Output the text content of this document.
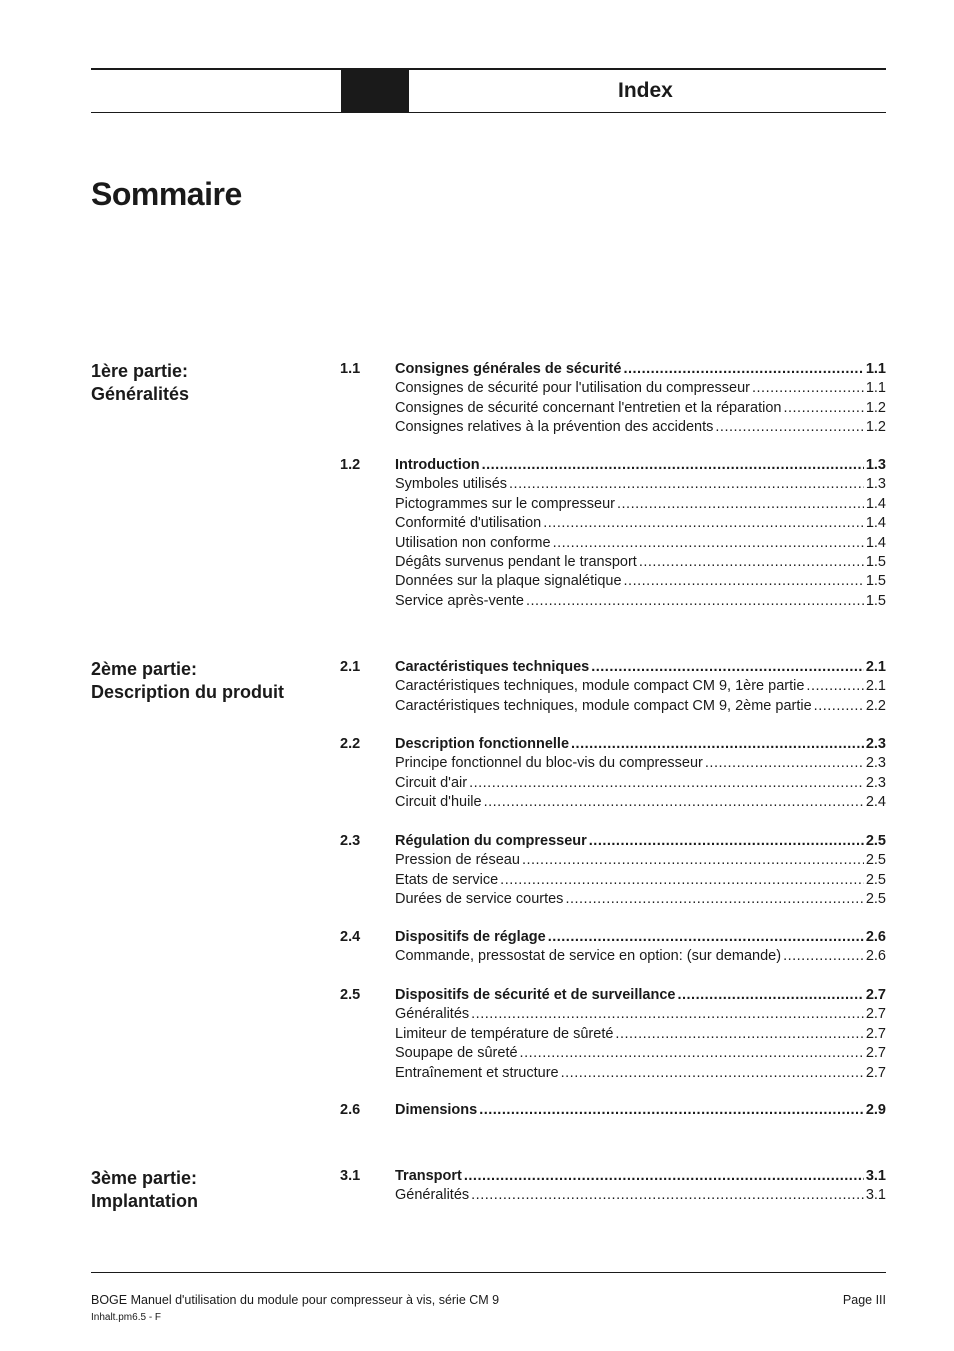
Index
Sommaire
1ère partie:
Généralités
1.1 Consignes générales de sécurité .....	1.1
Consignes de sécurité pour l'utilisation du compresseur .....	1.1
Consignes de sécurité concernant l'entretien et la réparation .....	1.2
Consignes relatives à la prévention des accidents .....	1.2
1.2 Introduction .....	1.3
Symboles utilisés .....	1.3
Pictogrammes sur le compresseur .....	1.4
Conformité d'utilisation .....	1.4
Utilisation non conforme .....	1.4
Dégâts survenus pendant le transport .....	1.5
Données sur la plaque signalétique .....	1.5
Service après-vente .....	1.5
2ème partie:
Description du produit
2.1 Caractéristiques techniques .....	2.1
Caractéristiques techniques, module compact CM 9, 1ère partie .....	2.1
Caractéristiques techniques, module compact CM 9, 2ème partie .....	2.2
2.2 Description fonctionnelle .....	2.3
Principe fonctionnel du bloc-vis du compresseur .....	2.3
Circuit d'air .....	2.3
Circuit d'huile .....	2.4
2.3 Régulation du compresseur .....	2.5
Pression de réseau .....	2.5
Etats de service .....	2.5
Durées de service courtes .....	2.5
2.4 Dispositifs de réglage .....	2.6
Commande, pressostat de service en option: (sur demande) .....	2.6
2.5 Dispositifs de sécurité et de surveillance .....	2.7
Généralités .....	2.7
Limiteur de température de sûreté .....	2.7
Soupape de sûreté .....	2.7
Entraînement et structure .....	2.7
2.6 Dimensions .....	2.9
3ème partie:
Implantation
3.1 Transport .....	3.1
Généralités .....	3.1
BOGE Manuel d'utilisation du module pour compresseur à vis, série CM 9
Inhalt.pm6.5 - F
Page III
